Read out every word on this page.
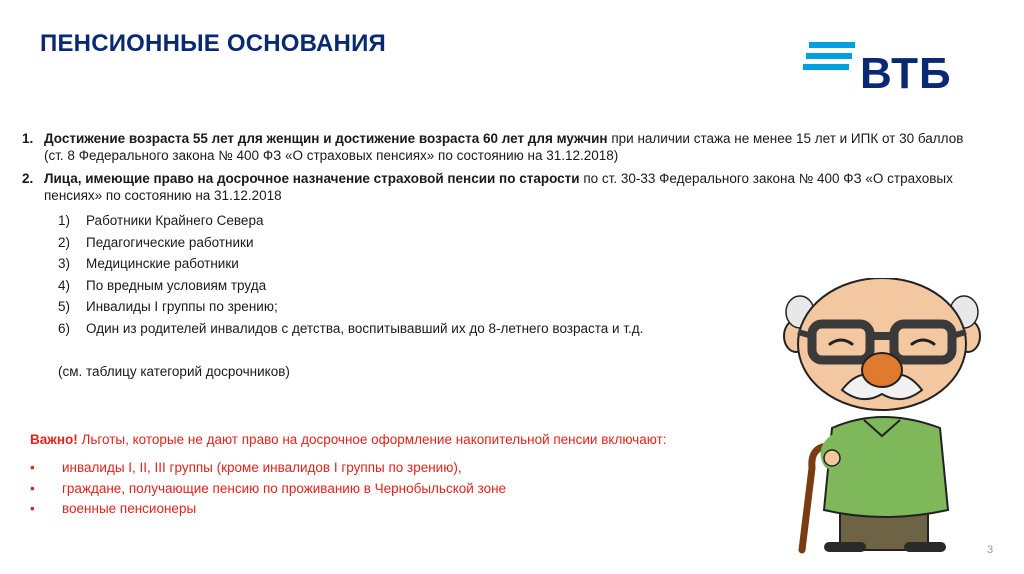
ПЕНСИОННЫЕ ОСНОВАНИЯ
ВТБ
1. Достижение возраста 55 лет для женщин и достижение возраста 60 лет для мужчин при наличии стажа не менее 15 лет и ИПК от 30 баллов (ст. 8 Федерального закона № 400 ФЗ «О страховых пенсиях» по состоянию на 31.12.2018)
2. Лица, имеющие право на досрочное назначение страховой пенсии по старости по ст. 30-33 Федерального закона № 400 ФЗ «О страховых пенсиях» по состоянию на 31.12.2018
1) Работники Крайнего Севера
2) Педагогические работники
3) Медицинские работники
4) По вредным условиям труда
5) Инвалиды I группы по зрению;
6) Один из родителей инвалидов с детства, воспитывавший их до 8-летнего возраста и т.д.
(см. таблицу категорий досрочников)
Важно! Льготы, которые не дают право на досрочное оформление накопительной пенсии включают:
• инвалиды I, II, III группы (кроме инвалидов I группы по зрению),
• граждане, получающие пенсию по проживанию в Чернобыльской зоне
• военные пенсионеры
3
